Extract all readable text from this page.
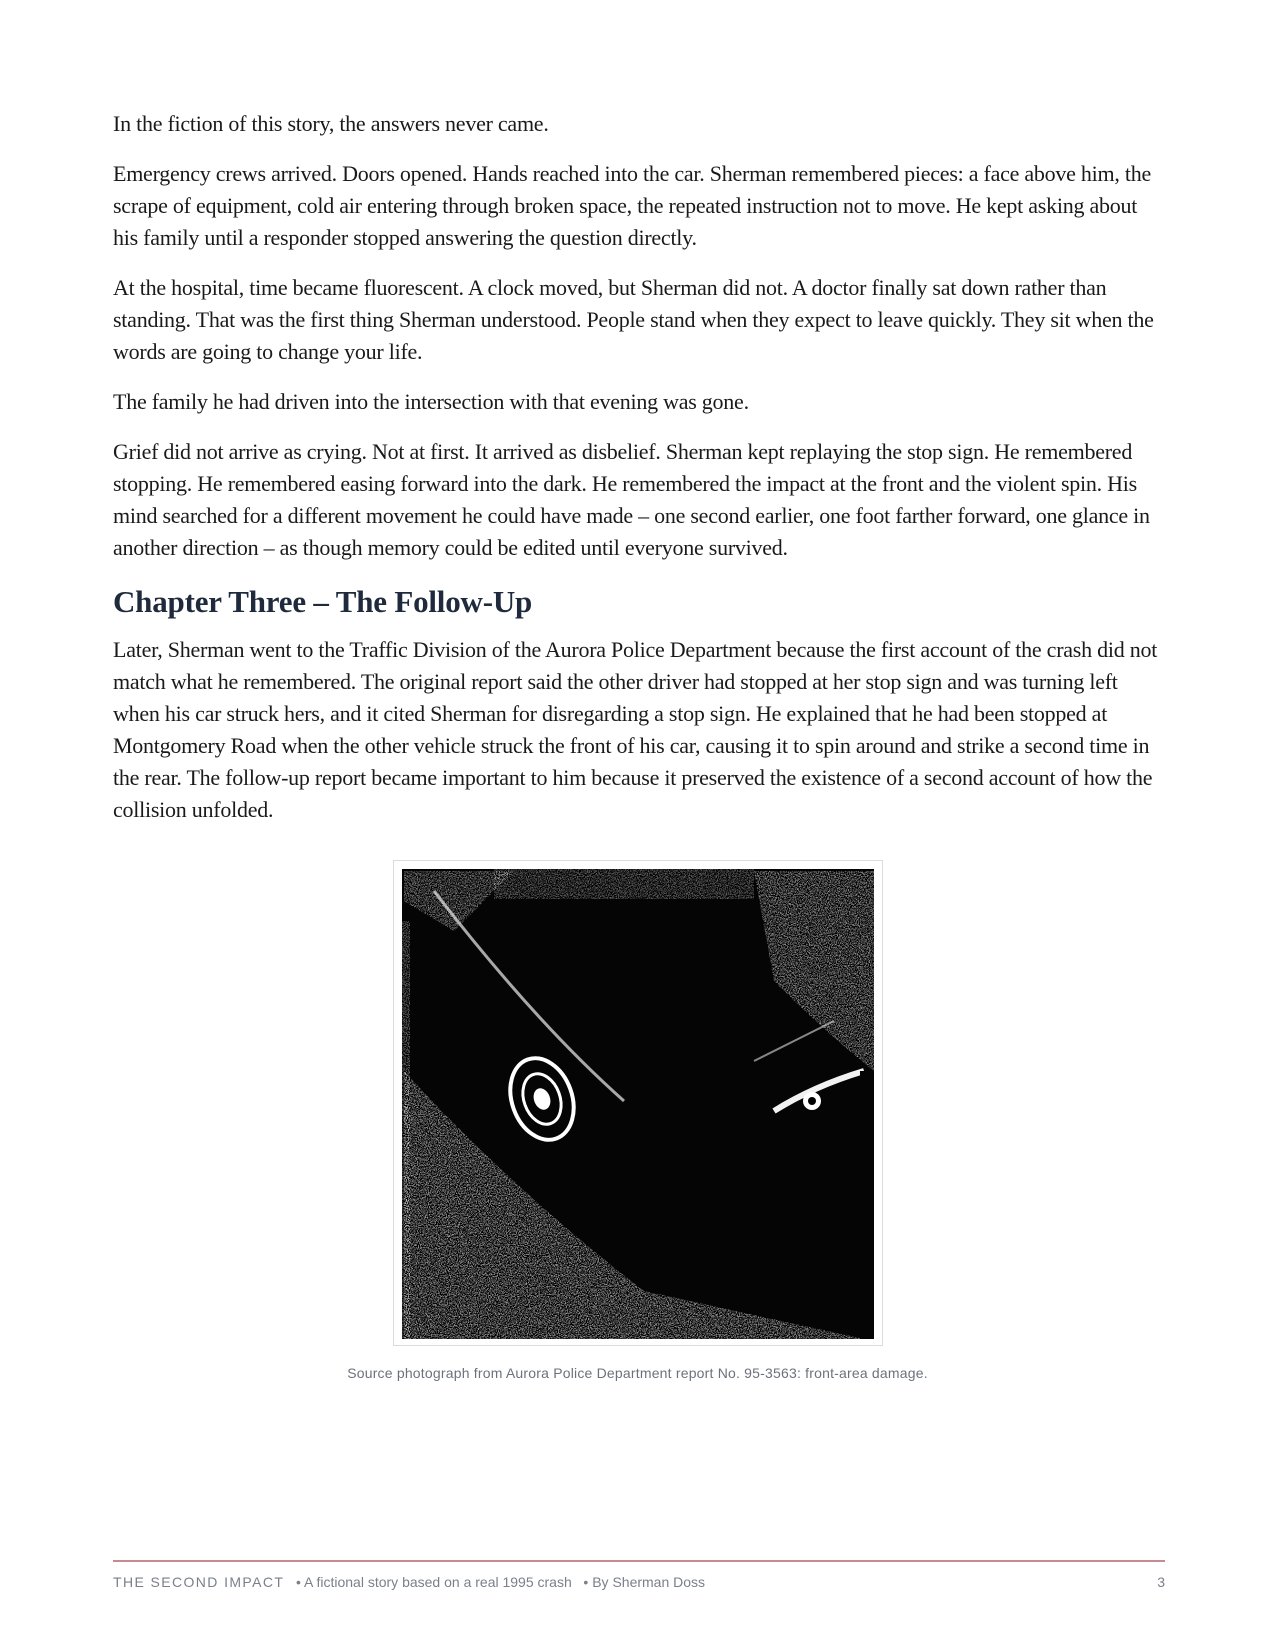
In the fiction of this story, the answers never came.

Emergency crews arrived. Doors opened. Hands reached into the car. Sherman remembered pieces: a face above him, the scrape of equipment, cold air entering through broken space, the repeated instruction not to move. He kept asking about his family until a responder stopped answering the question directly.

At the hospital, time became fluorescent. A clock moved, but Sherman did not. A doctor finally sat down rather than standing. That was the first thing Sherman understood. People stand when they expect to leave quickly. They sit when the words are going to change your life.

The family he had driven into the intersection with that evening was gone.

Grief did not arrive as crying. Not at first. It arrived as disbelief. Sherman kept replaying the stop sign. He remembered stopping. He remembered easing forward into the dark. He remembered the impact at the front and the violent spin. His mind searched for a different movement he could have made – one second earlier, one foot farther forward, one glance in another direction – as though memory could be edited until everyone survived.

Chapter Three – The Follow-Up

Later, Sherman went to the Traffic Division of the Aurora Police Department because the first account of the crash did not match what he remembered. The original report said the other driver had stopped at her stop sign and was turning left when his car struck hers, and it cited Sherman for disregarding a stop sign. He explained that he had been stopped at Montgomery Road when the other vehicle struck the front of his car, causing it to spin around and strike a second time in the rear. The follow-up report became important to him because it preserved the existence of a second account of how the collision unfolded.

Source photograph from Aurora Police Department report No. 95-3563: front-area damage.
THE SECOND IMPACT   • A fictional story based on a real 1995 crash   • By Sherman Doss	3
